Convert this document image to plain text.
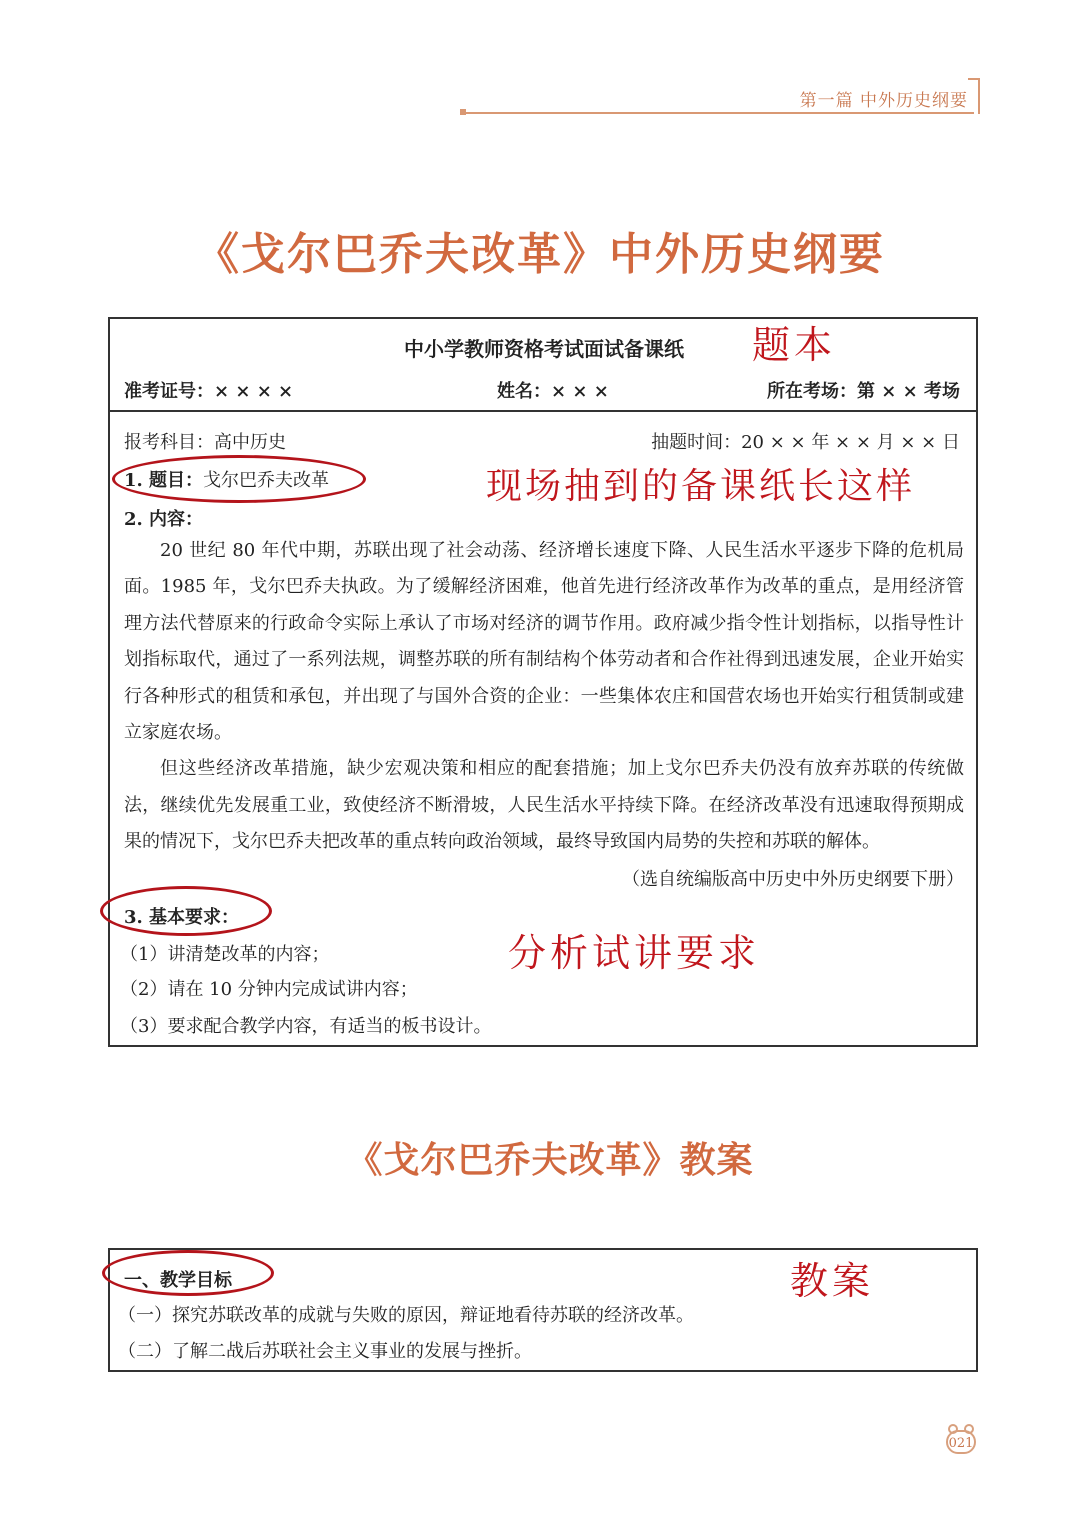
第一篇 中外历史纲要
《戈尔巴乔夫改革》中外历史纲要
中小学教师资格考试面试备课纸
准考证号：× × × ×	姓名：× × ×	所在考场：第 × × 考场
报考科目：高中历史	抽题时间：20 × × 年 × × 月 × × 日
1. 题目：戈尔巴乔夫改革
2. 内容：

20 世纪 80 年代中期，苏联出现了社会动荡、经济增长速度下降、人民生活水平逐步下降的危机局面。1985 年，戈尔巴乔夫执政。为了缓解经济困难，他首先进行经济改革作为改革的重点，是用经济管理方法代替原来的行政命令实际上承认了市场对经济的调节作用。政府减少指令性计划指标，以指导性计划指标取代，通过了一系列法规，调整苏联的所有制结构个体劳动者和合作社得到迅速发展，企业开始实行各种形式的租赁和承包，并出现了与国外合资的企业：一些集体农庄和国营农场也开始实行租赁制或建立家庭农场。

但这些经济改革措施，缺少宏观决策和相应的配套措施；加上戈尔巴乔夫仍没有放弃苏联的传统做法，继续优先发展重工业，致使经济不断滑坡，人民生活水平持续下降。在经济改革没有迅速取得预期成果的情况下，戈尔巴乔夫把改革的重点转向政治领域，最终导致国内局势的失控和苏联的解体。

（选自统编版高中历史中外历史纲要下册）
3. 基本要求：
（1）讲清楚改革的内容；
（2）请在 10 分钟内完成试讲内容；
（3）要求配合教学内容，有适当的板书设计。
《戈尔巴乔夫改革》教案
一、教学目标
（一）探究苏联改革的成就与失败的原因，辩证地看待苏联的经济改革。
（二）了解二战后苏联社会主义事业的发展与挫折。
题本
现场抽到的备课纸长这样
分析试讲要求
教案
021
